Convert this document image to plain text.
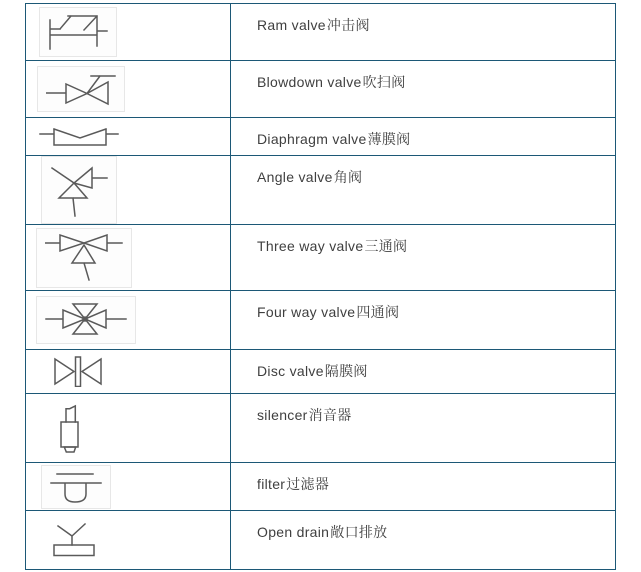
Ram valve冲击阀
Blowdown valve吹扫阀
Diaphragm valve薄膜阀
Angle valve角阀
Three way valve三通阀
Four way valve四通阀
Disc valve隔膜阀
silencer消音器
filter过滤器
Open drain敞口排放
